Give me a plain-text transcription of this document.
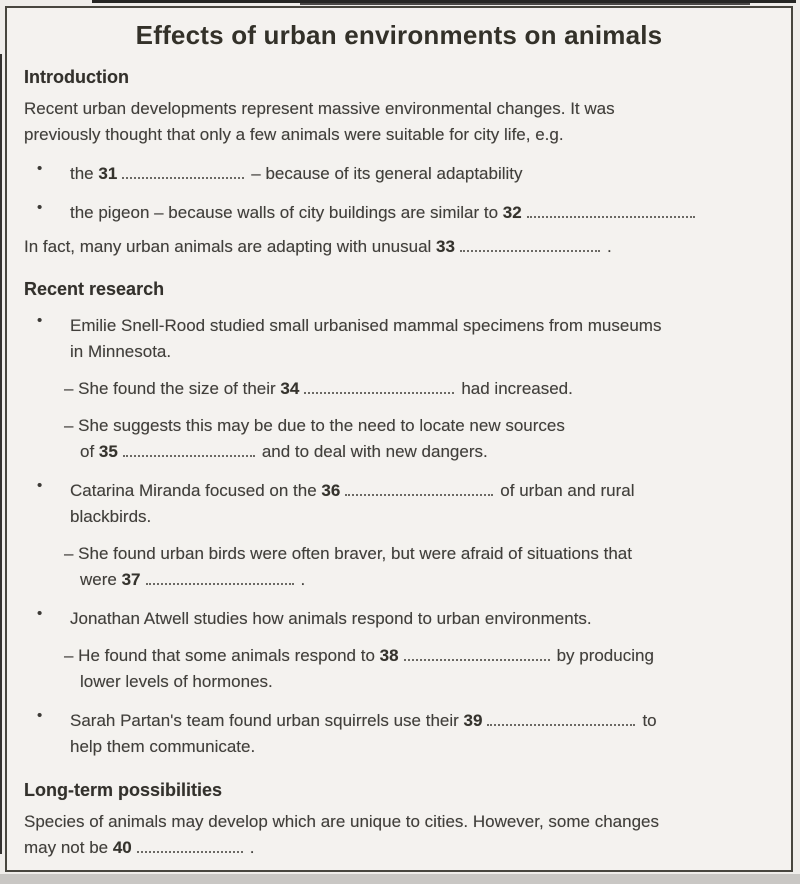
Effects of urban environments on animals
Introduction
Recent urban developments represent massive environmental changes. It was
previously thought that only a few animals were suitable for city life, e.g.
• the 31	– because of its general adaptability
• the pigeon – because walls of city buildings are similar to 32
In fact, many urban animals are adapting with unusual 33	.
Recent research
• Emilie Snell-Rood studied small urbanised mammal specimens from museums
in Minnesota.
– She found the size of their 34	had increased.
– She suggests this may be due to the need to locate new sources
of 35	and to deal with new dangers.
• Catarina Miranda focused on the 36	of urban and rural
blackbirds.
– She found urban birds were often braver, but were afraid of situations that
were 37	.
• Jonathan Atwell studies how animals respond to urban environments.
– He found that some animals respond to 38	by producing
lower levels of hormones.
• Sarah Partan's team found urban squirrels use their 39	to
help them communicate.
Long-term possibilities
Species of animals may develop which are unique to cities. However, some changes
may not be 40	.
